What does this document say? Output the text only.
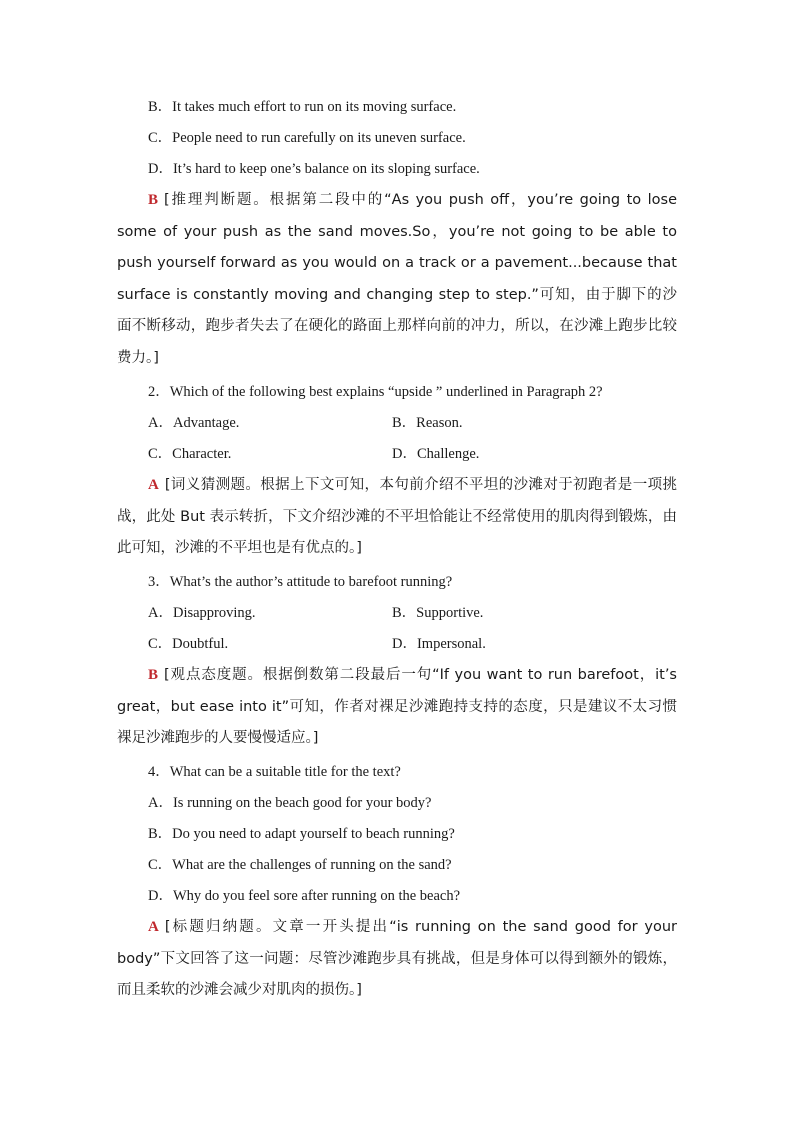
B．It takes much effort to run on its moving surface.
C．People need to run carefully on its uneven surface.
D．It’s hard to keep one’s balance on its sloping surface.

B [推理判断题。根据第二段中的“As you push off，you’re going to lose some of your push as the sand moves.So，you’re not going to be able to push yourself forward as you would on a track or a pavement...because that surface is constantly moving and changing step to step.”可知，由于脚下的沙面不断移动，跑步者失去了在硬化的路面上那样向前的冲力，所以，在沙滩上跑步比较费力。]

2．Which of the following best explains “upside ” underlined in Paragraph 2?
A．Advantage.	B．Reason.
C．Character.	D．Challenge.

A [词义猜测题。根据上下文可知，本句前介绍不平坦的沙滩对于初跑者是一项挑战，此处 But 表示转折，下文介绍沙滩的不平坦恰能让不经常使用的肌肉得到锻炼，由此可知，沙滩的不平坦也是有优点的。]

3．What’s the author’s attitude to barefoot running?
A．Disapproving.	B．Supportive.
C．Doubtful.	D．Impersonal.

B [观点态度题。根据倒数第二段最后一句“If you want to run barefoot，it’s great，but ease into it”可知，作者对裸足沙滩跑持支持的态度，只是建议不太习惯裸足沙滩跑步的人要慢慢适应。]

4．What can be a suitable title for the text?
A．Is running on the beach good for your body?
B．Do you need to adapt yourself to beach running?
C．What are the challenges of running on the sand?
D．Why do you feel sore after running on the beach?

A [标题归纳题。文章一开头提出“is running on the sand good for your body”下文回答了这一问题：尽管沙滩跑步具有挑战，但是身体可以得到额外的锻炼，而且柔软的沙滩会减少对肌肉的损伤。]
